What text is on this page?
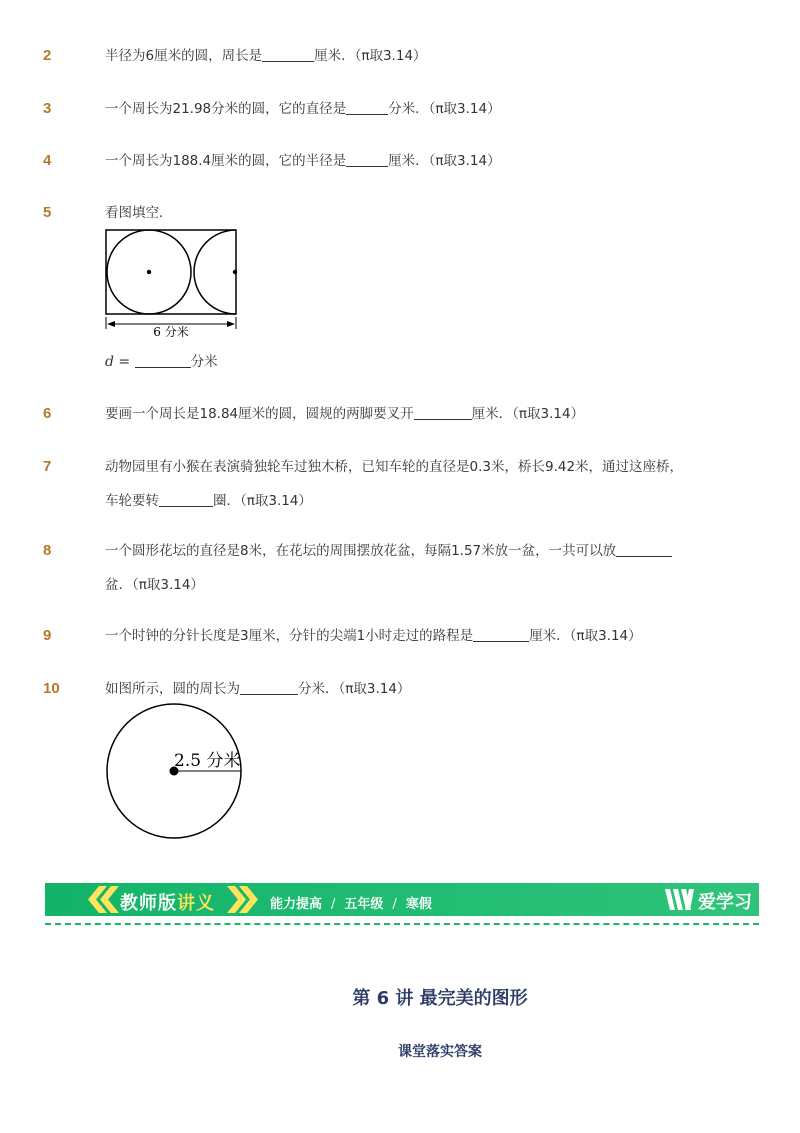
2	半径为6厘米的圆，周长是	厘米．（π取3.14）
3	一个周长为21.98分米的圆，它的直径是	分米．（π取3.14）
4	一个周长为188.4厘米的圆，它的半径是	厘米．（π取3.14）
5	看图填空．
6 分米
d =	分米
6	要画一个周长是18.84厘米的圆，圆规的两脚要叉开	厘米．（π取3.14）
7	动物园里有小猴在表演骑独轮车过独木桥，已知车轮的直径是0.3米，桥长9.42米，通过这座桥，
车轮要转	圈．（π取3.14）
8	一个圆形花坛的直径是8米，在花坛的周围摆放花盆，每隔1.57米放一盆，一共可以放
盆．（π取3.14）
9	一个时钟的分针长度是3厘米，分针的尖端1小时走过的路程是	厘米．（π取3.14）
10	如图所示，圆的周长为	分米．（π取3.14）
2.5 分米
教师版讲义	能力提高 / 五年级 / 寒假	爱学习
第 6 讲 最完美的图形
课堂落实答案
